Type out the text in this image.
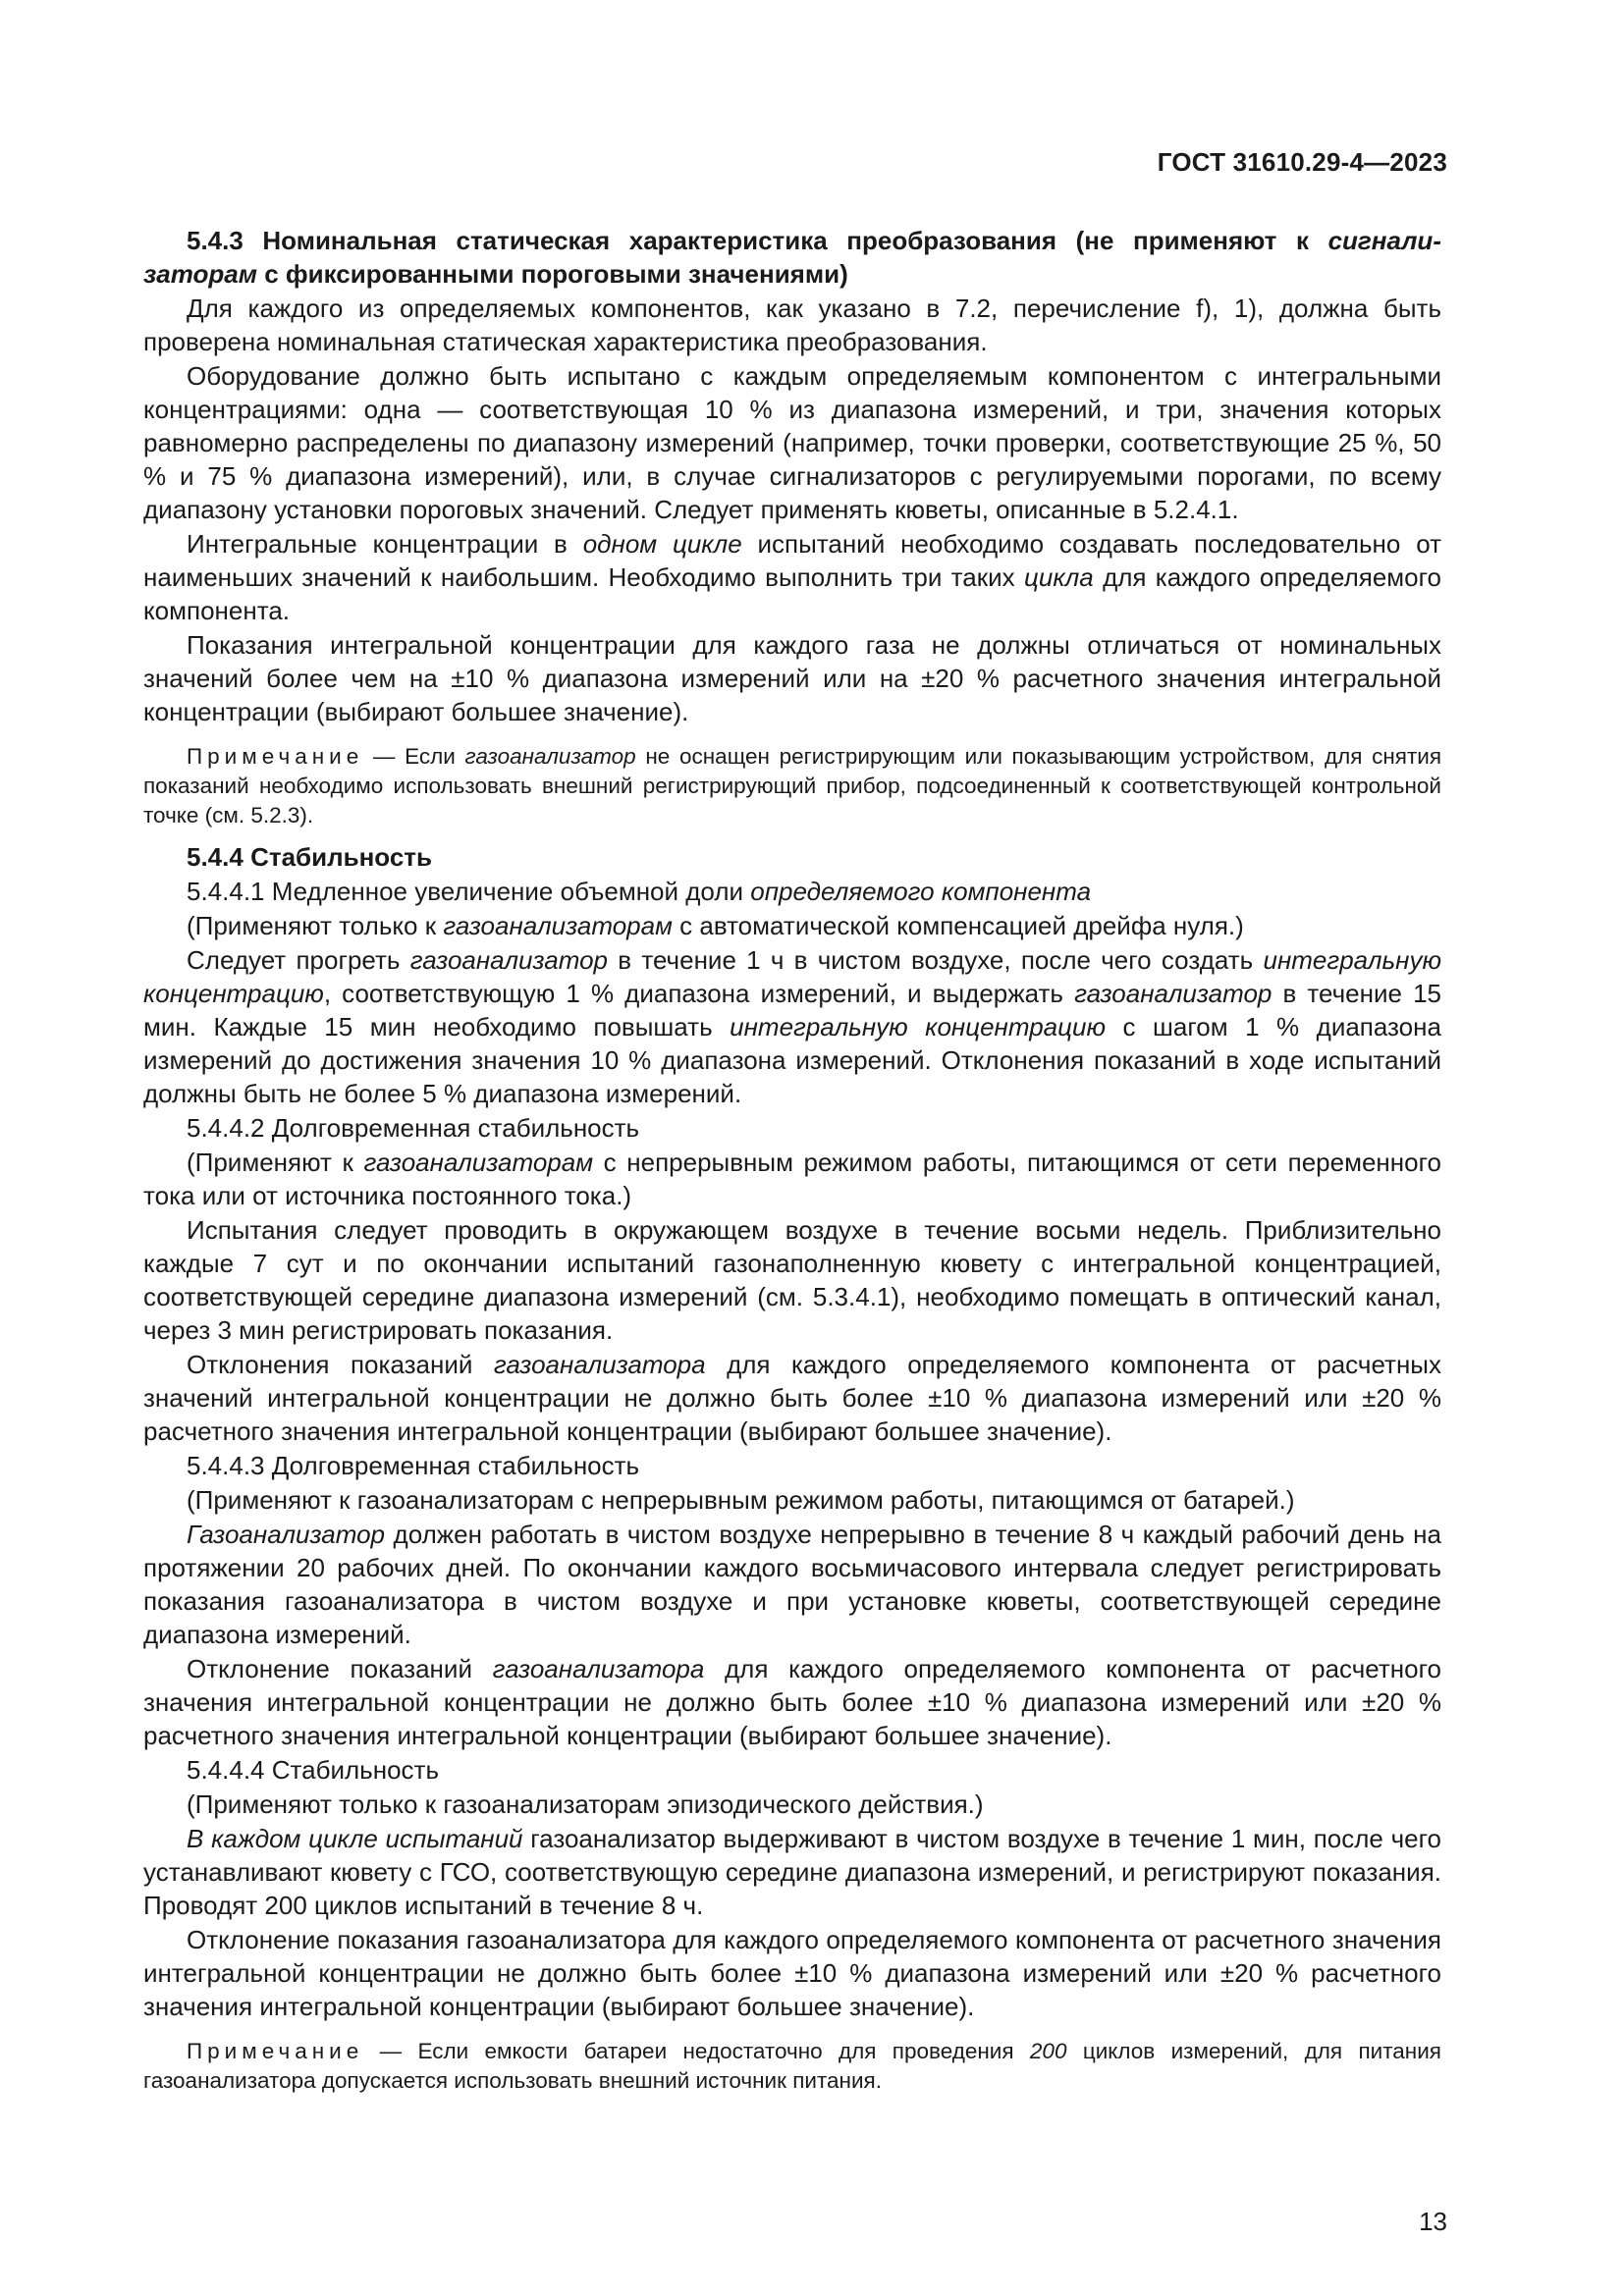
ГОСТ 31610.29-4—2023

5.4.3 Номинальная статическая характеристика преобразования (не применяют к сигнали-заторам с фиксированными пороговыми значениями)

Для каждого из определяемых компонентов, как указано в 7.2, перечисление f), 1), должна быть проверена номинальная статическая характеристика преобразования.

Оборудование должно быть испытано с каждым определяемым компонентом с интегральными концентрациями: одна — соответствующая 10 % из диапазона измерений, и три, значения которых равномерно распределены по диапазону измерений (например, точки проверки, соответствующие 25 %, 50 % и 75 % диапазона измерений), или, в случае сигнализаторов с регулируемыми порогами, по всему диапазону установки пороговых значений. Следует применять кюветы, описанные в 5.2.4.1.

Интегральные концентрации в одном цикле испытаний необходимо создавать последовательно от наименьших значений к наибольшим. Необходимо выполнить три таких цикла для каждого определяемого компонента.

Показания интегральной концентрации для каждого газа не должны отличаться от номинальных значений более чем на ±10 % диапазона измерений или на ±20 % расчетного значения интегральной концентрации (выбирают большее значение).

Примечание — Если газоанализатор не оснащен регистрирующим или показывающим устройством, для снятия показаний необходимо использовать внешний регистрирующий прибор, подсоединенный к соответствующей контрольной точке (см. 5.2.3).

5.4.4 Стабильность

5.4.4.1 Медленное увеличение объемной доли определяемого компонента

(Применяют только к газоанализаторам с автоматической компенсацией дрейфа нуля.)

Следует прогреть газоанализатор в течение 1 ч в чистом воздухе, после чего создать интегральную концентрацию, соответствующую 1 % диапазона измерений, и выдержать газоанализатор в течение 15 мин. Каждые 15 мин необходимо повышать интегральную концентрацию с шагом 1 % диапазона измерений до достижения значения 10 % диапазона измерений. Отклонения показаний в ходе испытаний должны быть не более 5 % диапазона измерений.

5.4.4.2 Долговременная стабильность

(Применяют к газоанализаторам с непрерывным режимом работы, питающимся от сети переменного тока или от источника постоянного тока.)

Испытания следует проводить в окружающем воздухе в течение восьми недель. Приблизительно каждые 7 сут и по окончании испытаний газонаполненную кювету с интегральной концентрацией, соответствующей середине диапазона измерений (см. 5.3.4.1), необходимо помещать в оптический канал, через 3 мин регистрировать показания.

Отклонения показаний газоанализатора для каждого определяемого компонента от расчетных значений интегральной концентрации не должно быть более ±10 % диапазона измерений или ±20 % расчетного значения интегральной концентрации (выбирают большее значение).

5.4.4.3 Долговременная стабильность

(Применяют к газоанализаторам с непрерывным режимом работы, питающимся от батарей.)

Газоанализатор должен работать в чистом воздухе непрерывно в течение 8 ч каждый рабочий день на протяжении 20 рабочих дней. По окончании каждого восьмичасового интервала следует регистрировать показания газоанализатора в чистом воздухе и при установке кюветы, соответствующей середине диапазона измерений.

Отклонение показаний газоанализатора для каждого определяемого компонента от расчетного значения интегральной концентрации не должно быть более ±10 % диапазона измерений или ±20 % расчетного значения интегральной концентрации (выбирают большее значение).

5.4.4.4 Стабильность

(Применяют только к газоанализаторам эпизодического действия.)

В каждом цикле испытаний газоанализатор выдерживают в чистом воздухе в течение 1 мин, после чего устанавливают кювету с ГСО, соответствующую середине диапазона измерений, и регистрируют показания. Проводят 200 циклов испытаний в течение 8 ч.

Отклонение показания газоанализатора для каждого определяемого компонента от расчетного значения интегральной концентрации не должно быть более ±10 % диапазона измерений или ±20 % расчетного значения интегральной концентрации (выбирают большее значение).

Примечание — Если емкости батареи недостаточно для проведения 200 циклов измерений, для питания газоанализатора допускается использовать внешний источник питания.

13
